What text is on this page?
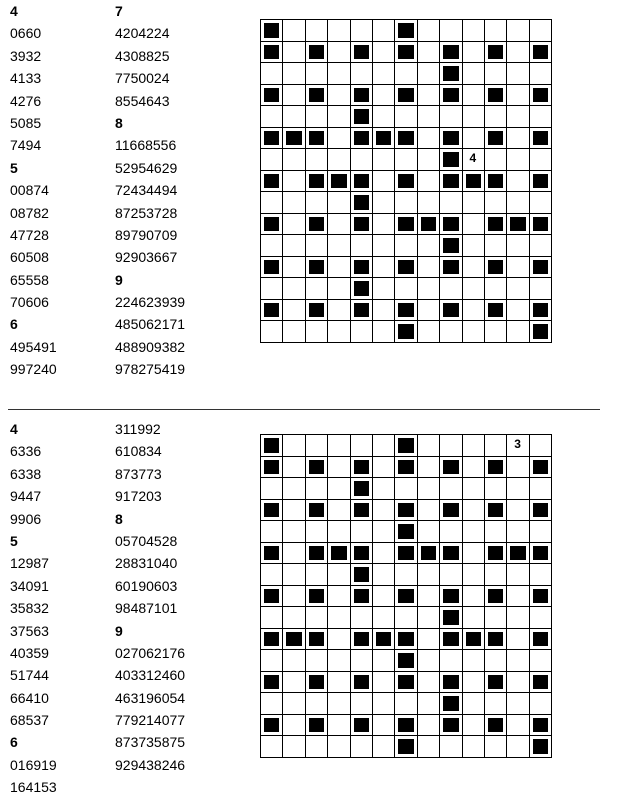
4
0660
3932
4133
4276
5085
7494
5
00874
08782
47728
60508
65558
70606
6
495491
997240
7
4204224
4308825
7750024
8554643
8
11668556
52954629
72434494
87253728
89790709
92903667
9
224623939
485062171
488909382
978275419

									4			

4
6336
6338
9447
9906
5
12987
34091
35832
37563
40359
51744
66410
68537
6
016919
164153
311992
610834
873773
917203
8
05704528
28831040
60190603
98487101
9
027062176
403312460
463196054
779214077
873735875
929438246

											3	
